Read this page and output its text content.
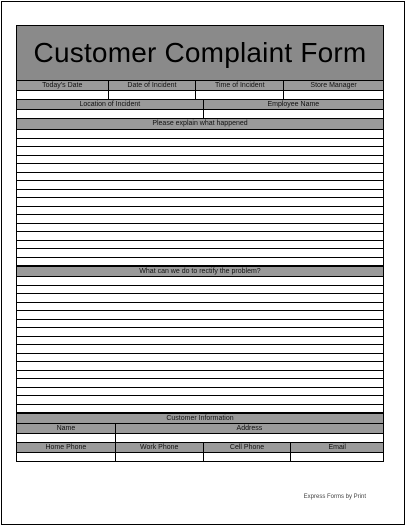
Customer Complaint Form
Today's Date	Date of Incident	Time of Incident	Store Manager
Location of Incident	Employee Name
Please explain what happened
What can we do to rectify the problem?
Customer Information
Name	Address
Home Phone	Work Phone	Cell Phone	Email
Express Forms by Print
